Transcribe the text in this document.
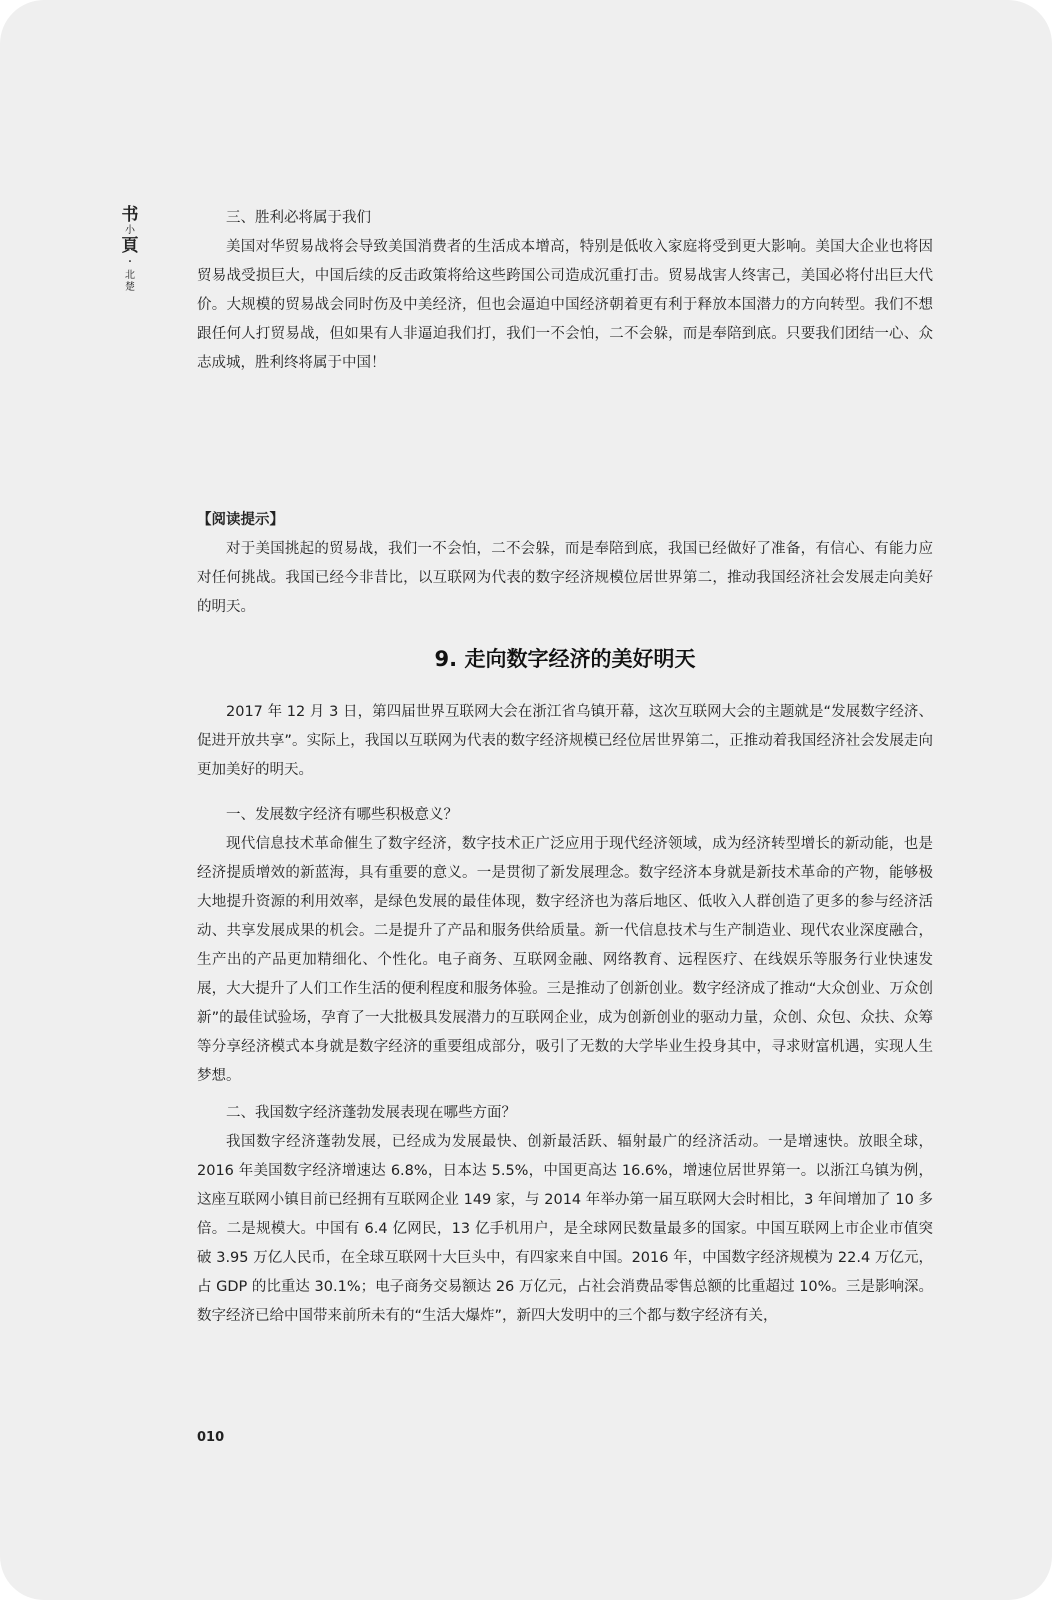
书
小
頁
·
北
楚

三、胜利必将属于我们

美国对华贸易战将会导致美国消费者的生活成本增高，特别是低收入家庭将受到更大影响。美国大企业也将因贸易战受损巨大，中国后续的反击政策将给这些跨国公司造成沉重打击。贸易战害人终害己，美国必将付出巨大代价。大规模的贸易战会同时伤及中美经济，但也会逼迫中国经济朝着更有利于释放本国潜力的方向转型。我们不想跟任何人打贸易战，但如果有人非逼迫我们打，我们一不会怕，二不会躲，而是奉陪到底。只要我们团结一心、众志成城，胜利终将属于中国！

【阅读提示】

对于美国挑起的贸易战，我们一不会怕，二不会躲，而是奉陪到底，我国已经做好了准备，有信心、有能力应对任何挑战。我国已经今非昔比，以互联网为代表的数字经济规模位居世界第二，推动我国经济社会发展走向美好的明天。

9. 走向数字经济的美好明天

2017 年 12 月 3 日，第四届世界互联网大会在浙江省乌镇开幕，这次互联网大会的主题就是“发展数字经济、促进开放共享”。实际上，我国以互联网为代表的数字经济规模已经位居世界第二，正推动着我国经济社会发展走向更加美好的明天。

一、发展数字经济有哪些积极意义？

现代信息技术革命催生了数字经济，数字技术正广泛应用于现代经济领域，成为经济转型增长的新动能，也是经济提质增效的新蓝海，具有重要的意义。一是贯彻了新发展理念。数字经济本身就是新技术革命的产物，能够极大地提升资源的利用效率，是绿色发展的最佳体现，数字经济也为落后地区、低收入人群创造了更多的参与经济活动、共享发展成果的机会。二是提升了产品和服务供给质量。新一代信息技术与生产制造业、现代农业深度融合，生产出的产品更加精细化、个性化。电子商务、互联网金融、网络教育、远程医疗、在线娱乐等服务行业快速发展，大大提升了人们工作生活的便利程度和服务体验。三是推动了创新创业。数字经济成了推动“大众创业、万众创新”的最佳试验场，孕育了一大批极具发展潜力的互联网企业，成为创新创业的驱动力量，众创、众包、众扶、众筹等分享经济模式本身就是数字经济的重要组成部分，吸引了无数的大学毕业生投身其中，寻求财富机遇，实现人生梦想。

二、我国数字经济蓬勃发展表现在哪些方面？

我国数字经济蓬勃发展，已经成为发展最快、创新最活跃、辐射最广的经济活动。一是增速快。放眼全球，2016 年美国数字经济增速达 6.8%，日本达 5.5%，中国更高达 16.6%，增速位居世界第一。以浙江乌镇为例，这座互联网小镇目前已经拥有互联网企业 149 家，与 2014 年举办第一届互联网大会时相比，3 年间增加了 10 多倍。二是规模大。中国有 6.4 亿网民，13 亿手机用户，是全球网民数量最多的国家。中国互联网上市企业市值突破 3.95 万亿人民币，在全球互联网十大巨头中，有四家来自中国。2016 年，中国数字经济规模为 22.4 万亿元，占 GDP 的比重达 30.1%；电子商务交易额达 26 万亿元，占社会消费品零售总额的比重超过 10%。三是影响深。数字经济已给中国带来前所未有的“生活大爆炸”，新四大发明中的三个都与数字经济有关，

010
